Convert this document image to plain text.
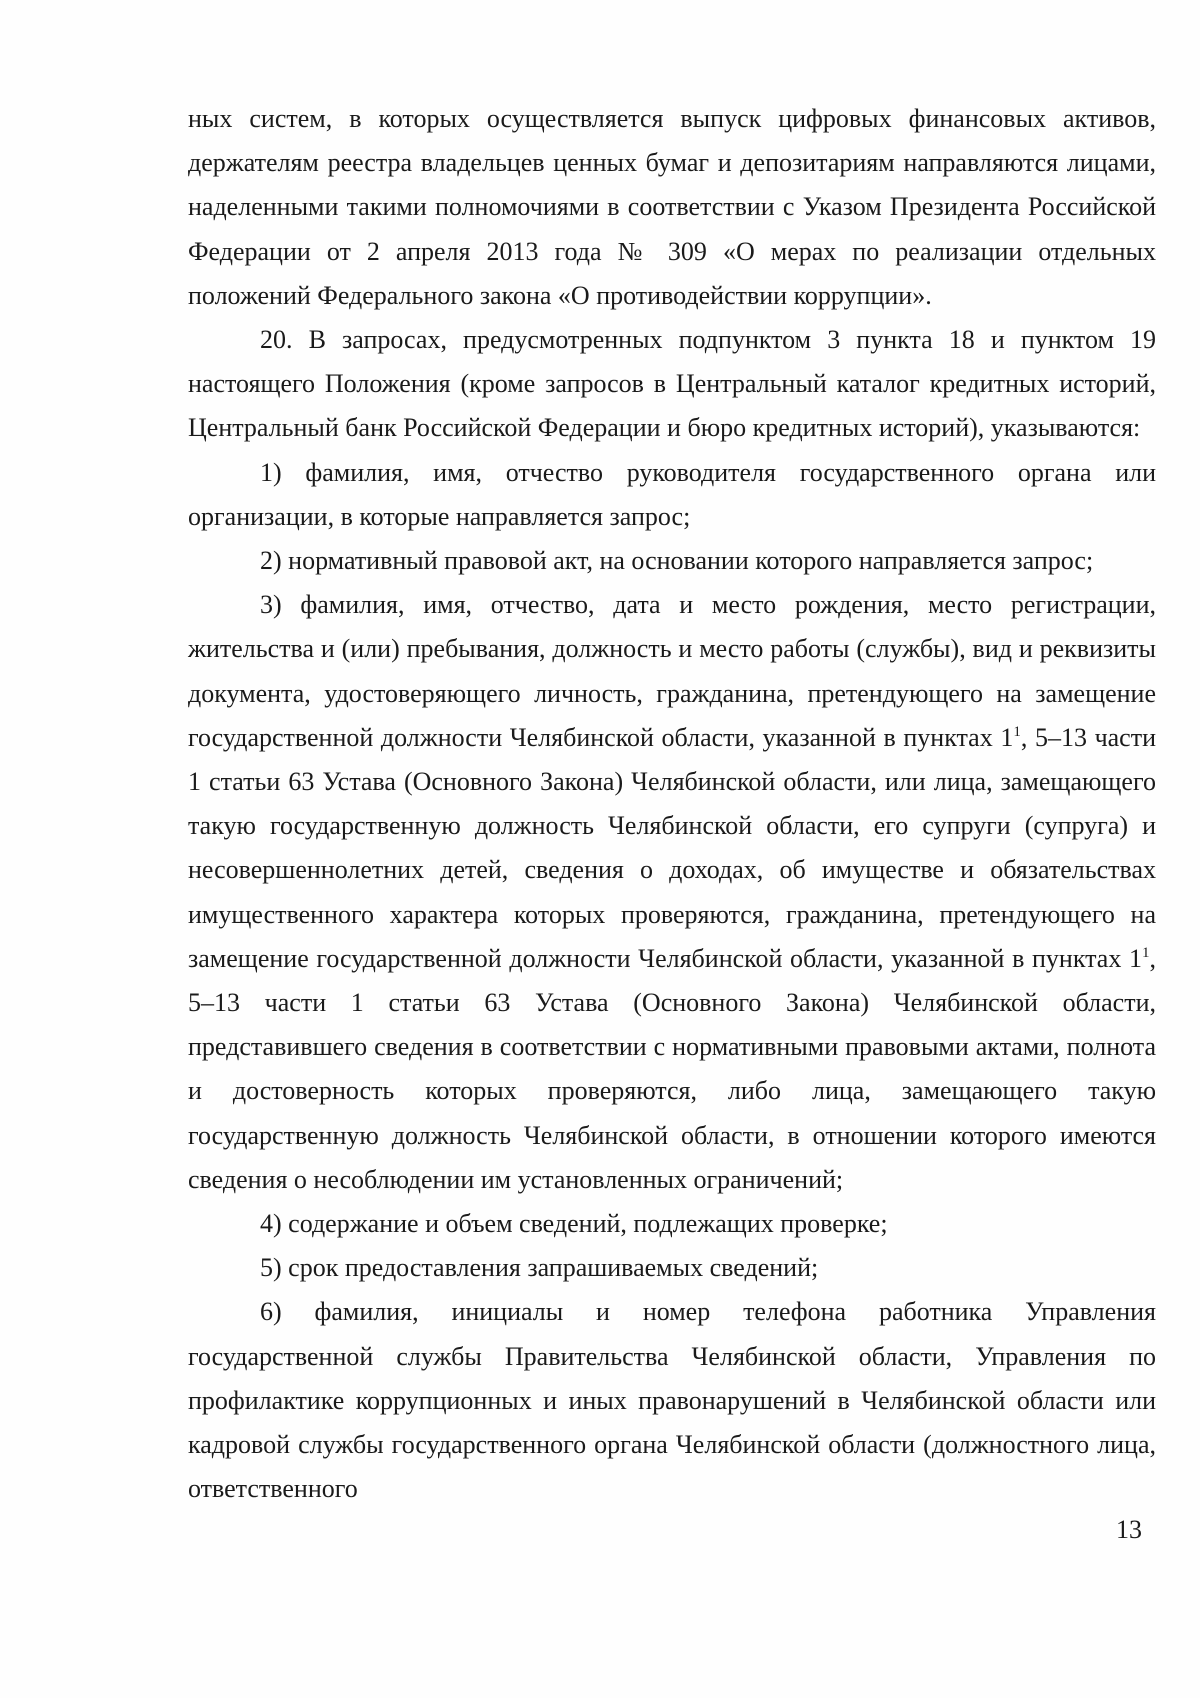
ных систем, в которых осуществляется выпуск цифровых финансовых активов, держателям реестра владельцев ценных бумаг и депозитариям направляются лицами, наделенными такими полномочиями в соответствии с Указом Президента Российской Федерации от 2 апреля 2013 года № 309 «О мерах по реализации отдельных положений Федерального закона «О противодействии коррупции».

20. В запросах, предусмотренных подпунктом 3 пункта 18 и пунктом 19 настоящего Положения (кроме запросов в Центральный каталог кредитных историй, Центральный банк Российской Федерации и бюро кредитных историй), указываются:

1) фамилия, имя, отчество руководителя государственного органа или организации, в которые направляется запрос;

2) нормативный правовой акт, на основании которого направляется запрос;

3) фамилия, имя, отчество, дата и место рождения, место регистрации, жительства и (или) пребывания, должность и место работы (службы), вид и реквизиты документа, удостоверяющего личность, гражданина, претендующего на замещение государственной должности Челябинской области, указанной в пунктах $1^1$, 5–13 части 1 статьи 63 Устава (Основного Закона) Челябинской области, или лица, замещающего такую государственную должность Челябинской области, его супруги (супруга) и несовершеннолетних детей, сведения о доходах, об имуществе и обязательствах имущественного характера которых проверяются, гражданина, претендующего на замещение государственной должности Челябинской области, указанной в пунктах $1^1$, 5–13 части 1 статьи 63 Устава (Основного Закона) Челябинской области, представившего сведения в соответствии с нормативными правовыми актами, полнота и достоверность которых проверяются, либо лица, замещающего такую государственную должность Челябинской области, в отношении которого имеются сведения о несоблюдении им установленных ограничений;

4) содержание и объем сведений, подлежащих проверке;

5) срок предоставления запрашиваемых сведений;

6) фамилия, инициалы и номер телефона работника Управления государственной службы Правительства Челябинской области, Управления по профилактике коррупционных и иных правонарушений в Челябинской области или кадровой службы государственного органа Челябинской области (должностного лица, ответственного

13
